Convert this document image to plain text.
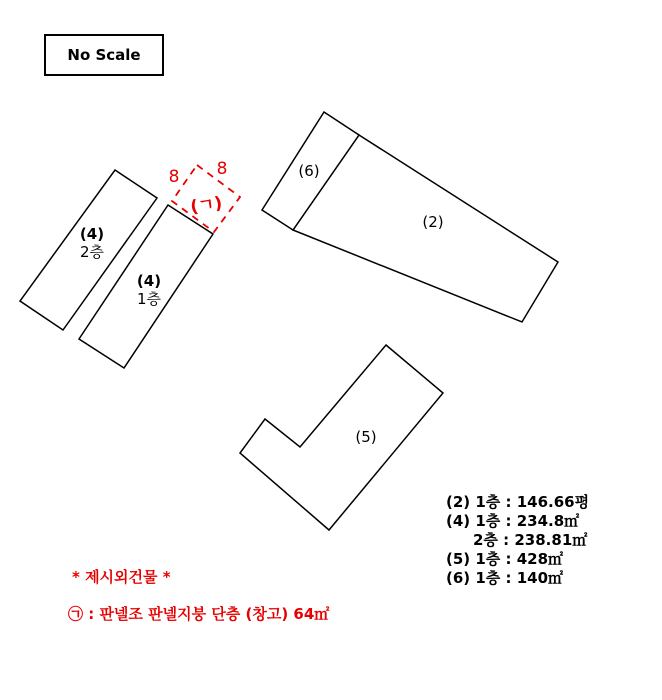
No Scale
(2)
(6)
(5)
(4)
2층
(4)
1층
(ㄱ)
8 8
(2) 1층 : 146.66평
(4) 1층 : 234.8㎡
2층 : 238.81㎡
(5) 1층 : 428㎡
(6) 1층 : 140㎡
* 제시외건물 *
㉠ : 판넬조 판넬지붕 단층 (창고) 64㎡
